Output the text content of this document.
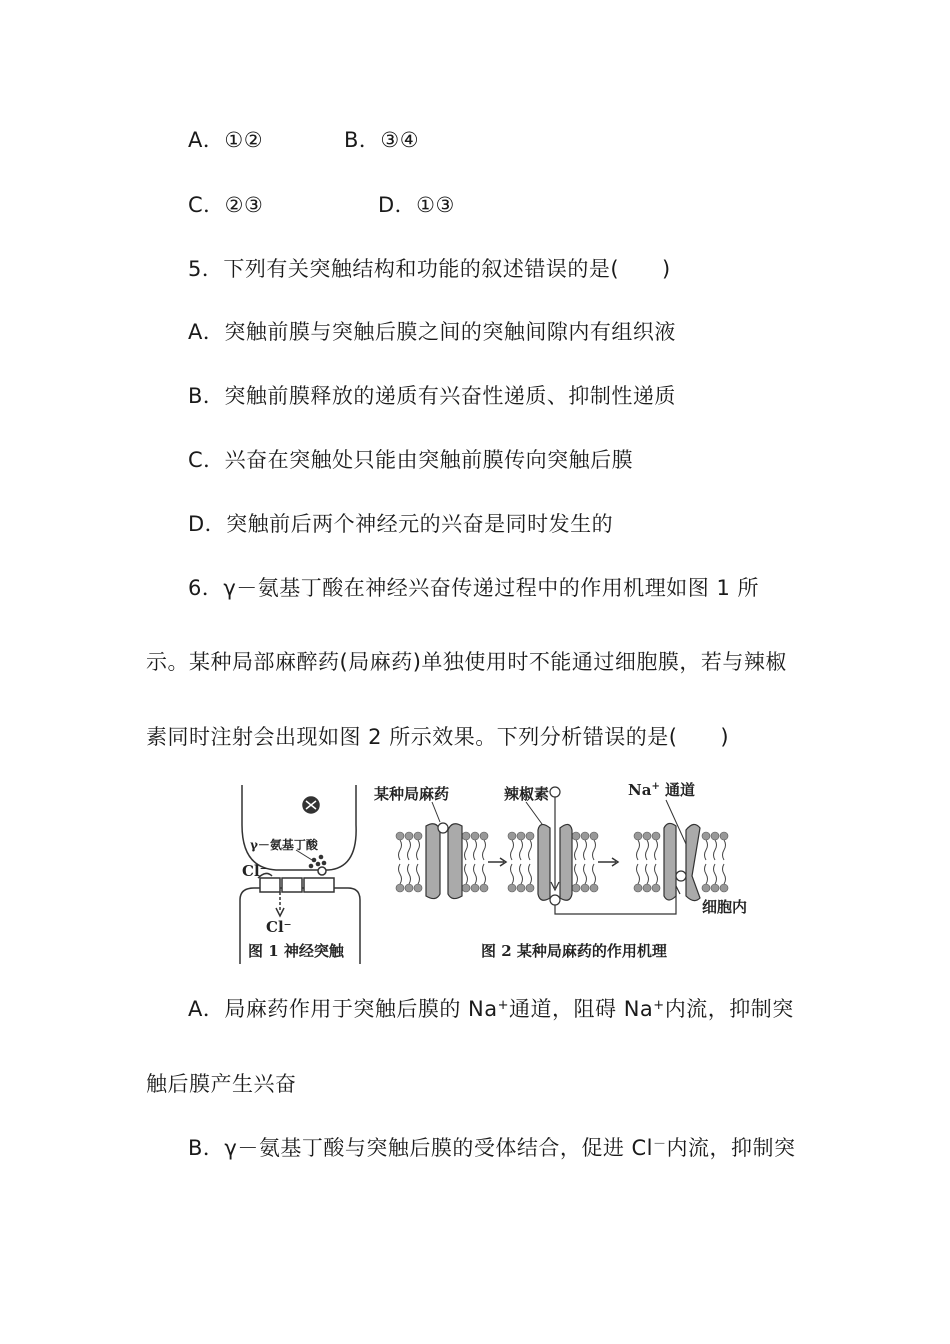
A．①②	B．③④
C．②③	D．①③
5．下列有关突触结构和功能的叙述错误的是(　　)
A．突触前膜与突触后膜之间的突触间隙内有组织液
B．突触前膜释放的递质有兴奋性递质、抑制性递质
C．兴奋在突触处只能由突触前膜传向突触后膜
D．突触前后两个神经元的兴奋是同时发生的
6．γ－氨基丁酸在神经兴奋传递过程中的作用机理如图 1 所
示。某种局部麻醉药(局麻药)单独使用时不能通过细胞膜，若与辣椒
素同时注射会出现如图 2 所示效果。下列分析错误的是(　　)
γ－氨基丁酸
Cl⁻
Cl⁻
图 1 神经突触
某种局麻药	辣椒素	Na+ 通道
细胞内
图 2 某种局麻药的作用机理
A．局麻药作用于突触后膜的 Na+通道，阻碍 Na+内流，抑制突
触后膜产生兴奋
B．γ－氨基丁酸与突触后膜的受体结合，促进 Cl－内流，抑制突
